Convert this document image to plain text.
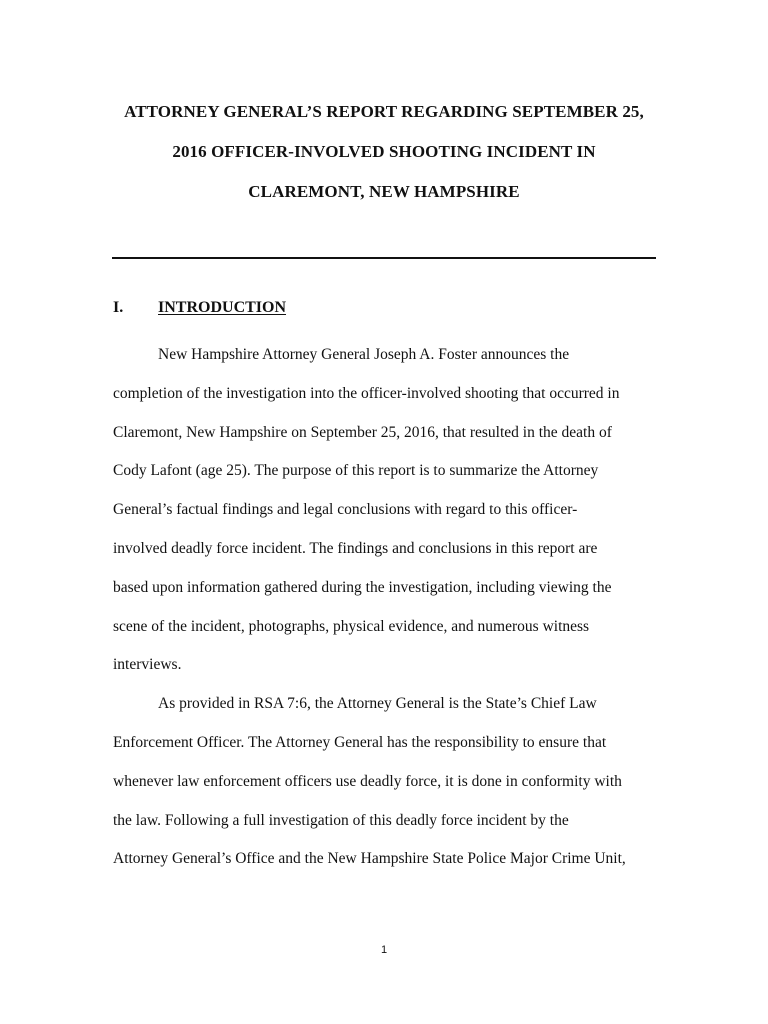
ATTORNEY GENERAL’S REPORT REGARDING SEPTEMBER 25,
2016 OFFICER-INVOLVED SHOOTING INCIDENT IN
CLAREMONT, NEW HAMPSHIRE
I. INTRODUCTION
New Hampshire Attorney General Joseph A. Foster announces the
completion of the investigation into the officer-involved shooting that occurred in
Claremont, New Hampshire on September 25, 2016, that resulted in the death of
Cody Lafont (age 25). The purpose of this report is to summarize the Attorney
General’s factual findings and legal conclusions with regard to this officer-
involved deadly force incident. The findings and conclusions in this report are
based upon information gathered during the investigation, including viewing the
scene of the incident, photographs, physical evidence, and numerous witness
interviews.
As provided in RSA 7:6, the Attorney General is the State’s Chief Law
Enforcement Officer. The Attorney General has the responsibility to ensure that
whenever law enforcement officers use deadly force, it is done in conformity with
the law. Following a full investigation of this deadly force incident by the
Attorney General’s Office and the New Hampshire State Police Major Crime Unit,
1
